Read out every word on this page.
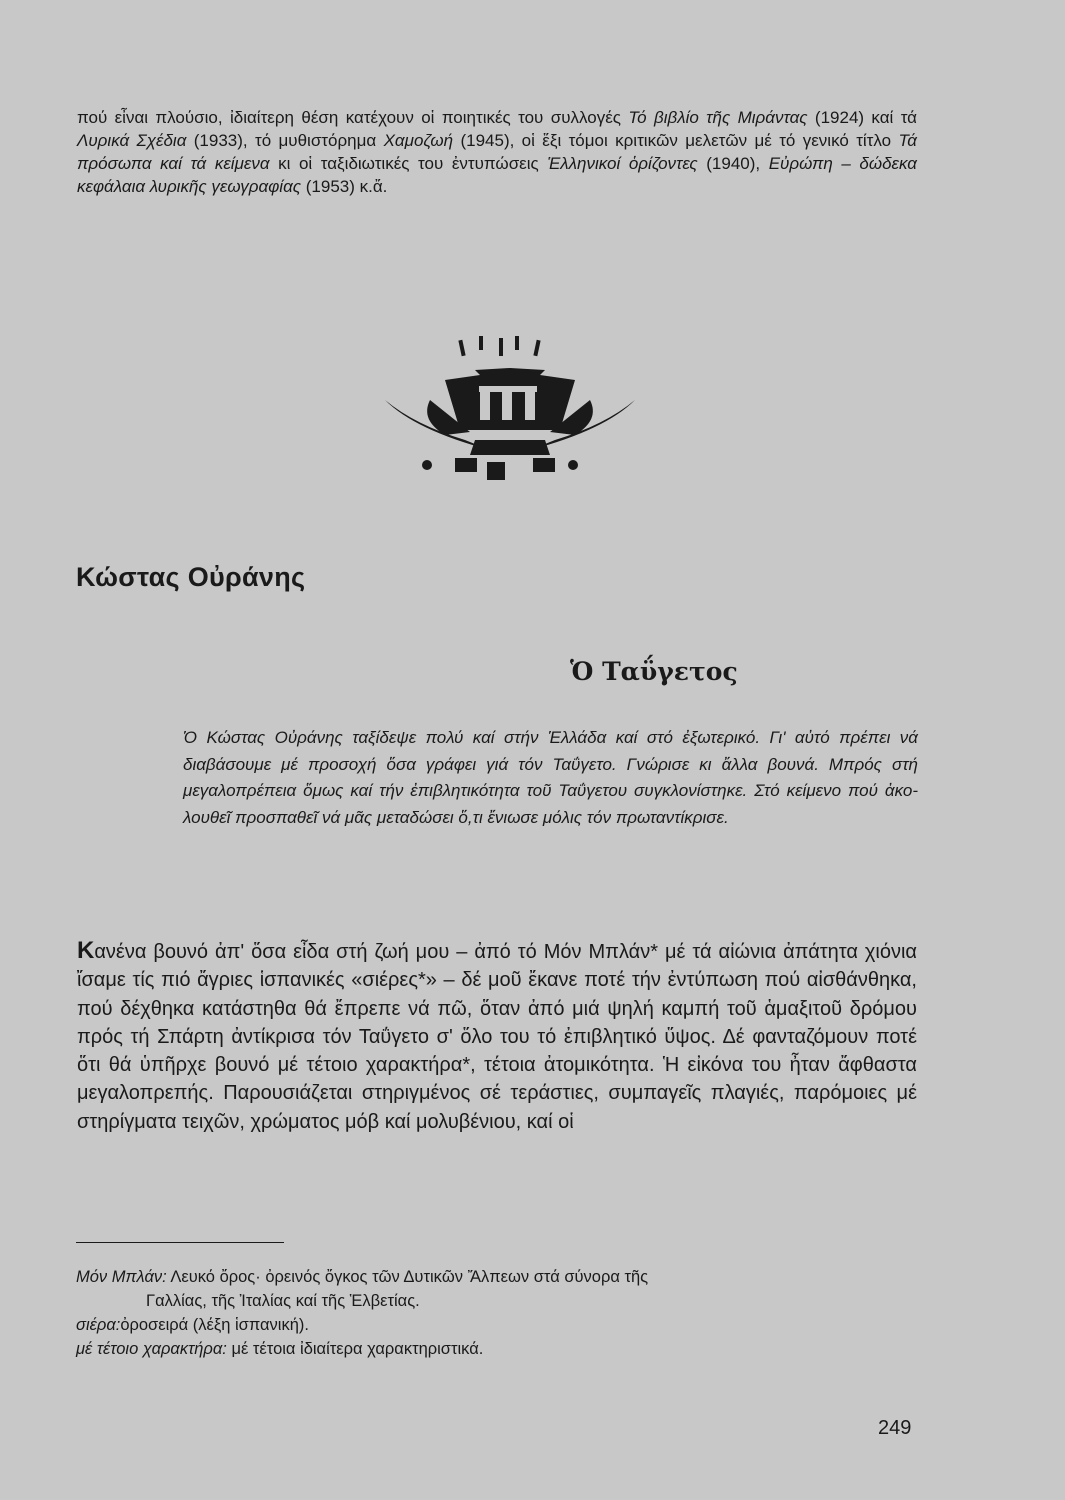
πού εἶναι πλούσιο, ἰδιαίτερη θέση κατέχουν οἱ ποιητικές του συλλογές Τό βιβλίο τῆς Μιράντας (1924) καί τά Λυρικά Σχέδια (1933), τό μυθιστόρημα Χαμοζωή (1945), οἱ ἕξι τόμοι κριτικῶν μελετῶν μέ τό γενικό τίτλο Τά πρόσωπα καί τά κείμενα κι οἱ ταξιδιωτικές του ἐντυπώσεις Ἑλληνικοί ὁρίζοντες (1940), Εὐρώπη – δώδεκα κεφάλαια λυρικῆς γεωγραφίας (1953) κ.ἄ.

Κώστας Οὐράνης
Ὁ Ταΰγετος

Ὁ Κώστας Οὐράνης ταξίδεψε πολύ καί στήν Ἑλλάδα καί στό ἐξωτερικό. Γι' αὐτό πρέπει νά διαβάσουμε μέ προσοχή ὅσα γράφει γιά τόν Ταΰγετο. Γνώρισε κι ἄλλα βουνά. Μπρός στή μεγαλοπρέπεια ὅμως καί τήν ἐπιβλητικότητα τοῦ Ταΰγετου συγκλονίστηκε. Στό κείμενο πού ἀκολουθεῖ προσπαθεῖ νά μᾶς μεταδώσει ὅ,τι ἔνιωσε μόλις τόν πρωταντίκρισε.

Κανένα βουνό ἀπ' ὅσα εἶδα στή ζωή μου – ἀπό τό Μόν Μπλάν* μέ τά αἰώνια ἀπάτητα χιόνια ἴσαμε τίς πιό ἄγριες ἱσπανικές «σιέρες*» – δέ μοῦ ἔκανε ποτέ τήν ἐντύπωση πού αἰσθάνθηκα, πού δέχθηκα κατάστηθα θά ἔπρεπε νά πῶ, ὅταν ἀπό μιά ψηλή καμπή τοῦ ἁμαξιτοῦ δρόμου πρός τή Σπάρτη ἀντίκρισα τόν Ταΰγετο σ' ὅλο του τό ἐπιβλητικό ὕψος. Δέ φανταζόμουν ποτέ ὅτι θά ὑπῆρχε βουνό μέ τέτοιο χαρακτήρα*, τέτοια ἀτομικότητα. Ἡ εἰκόνα του ἦταν ἄφθαστα μεγαλοπρεπής. Παρουσιάζεται στηριγμένος σέ τεράστιες, συμπαγεῖς πλαγιές, παρόμοιες μέ στηρίγματα τειχῶν, χρώματος μόβ καί μολυβένιου, καί οἱ

Μόν Μπλάν: Λευκό ὄρος· ὀρεινός ὄγκος τῶν Δυτικῶν Ἄλπεων στά σύνορα τῆς
Γαλλίας, τῆς Ἰταλίας καί τῆς Ἑλβετίας.
σιέρα:ὀροσειρά (λέξη ἱσπανική).
μέ τέτοιο χαρακτήρα: μέ τέτοια ἰδιαίτερα χαρακτηριστικά.
249
